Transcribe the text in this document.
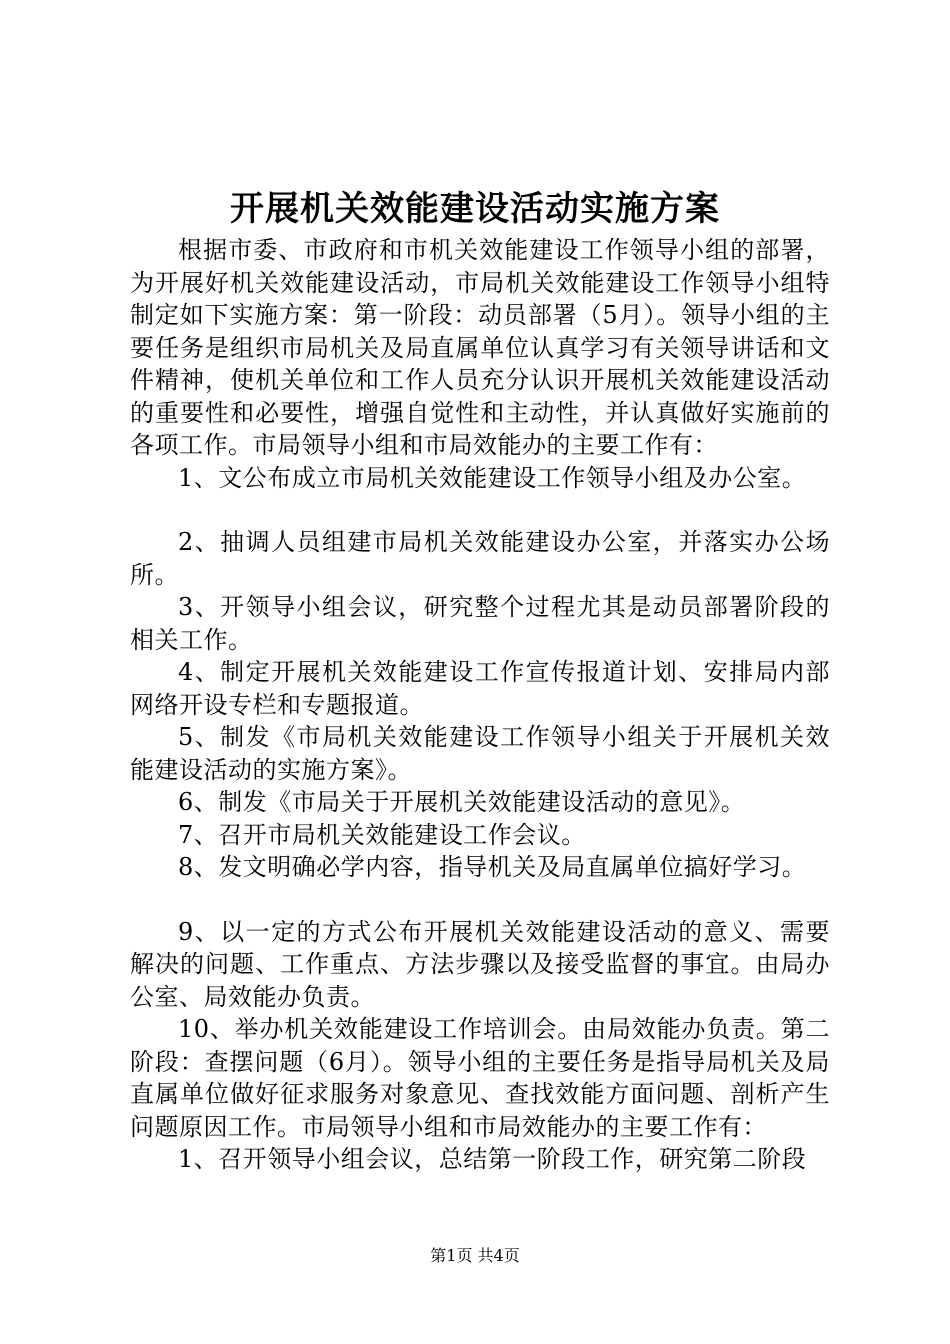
开展机关效能建设活动实施方案

根据市委、市政府和市机关效能建设工作领导小组的部署，为开展好机关效能建设活动，市局机关效能建设工作领导小组特制定如下实施方案：第一阶段：动员部署（5月）。领导小组的主要任务是组织市局机关及局直属单位认真学习有关领导讲话和文件精神，使机关单位和工作人员充分认识开展机关效能建设活动的重要性和必要性，增强自觉性和主动性，并认真做好实施前的各项工作。市局领导小组和市局效能办的主要工作有：

1、文公布成立市局机关效能建设工作领导小组及办公室。

2、抽调人员组建市局机关效能建设办公室，并落实办公场所。

3、开领导小组会议，研究整个过程尤其是动员部署阶段的相关工作。

4、制定开展机关效能建设工作宣传报道计划、安排局内部网络开设专栏和专题报道。

5、制发《市局机关效能建设工作领导小组关于开展机关效能建设活动的实施方案》。

6、制发《市局关于开展机关效能建设活动的意见》。

7、召开市局机关效能建设工作会议。

8、发文明确必学内容，指导机关及局直属单位搞好学习。

9、以一定的方式公布开展机关效能建设活动的意义、需要解决的问题、工作重点、方法步骤以及接受监督的事宜。由局办公室、局效能办负责。

10、举办机关效能建设工作培训会。由局效能办负责。第二阶段：查摆问题（6月）。领导小组的主要任务是指导局机关及局直属单位做好征求服务对象意见、查找效能方面问题、剖析产生问题原因工作。市局领导小组和市局效能办的主要工作有：

1、召开领导小组会议，总结第一阶段工作，研究第二阶段

第1页 共4页
